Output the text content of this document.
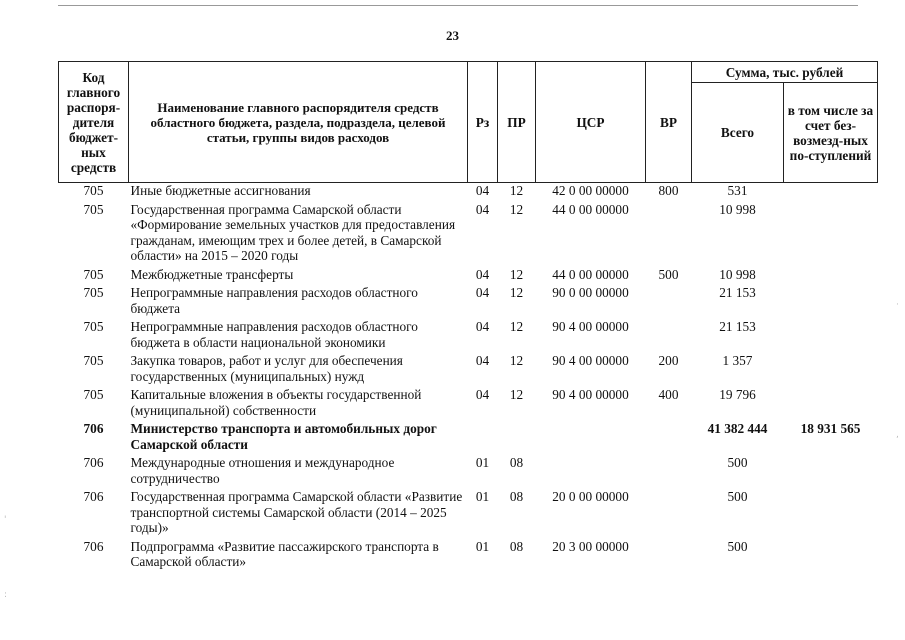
23
Код главного распоря-дителя бюджет-ных средств	Наименование главного распорядителя средств областного бюджета, раздела, подраздела, целевой статьи, группы видов расходов	Рз	ПР	ЦСР	ВР	Сумма, тыс. рублей	
						Всего	в том числе за счет без-возмезд-ных по-ступлений
705	Иные бюджетные ассигнования	04	12	42 0 00 00000	800	531	
705	Государственная программа Самарской области «Формирование земельных участков для предоставления гражданам, имеющим трех и более детей, в Самарской области» на 2015 – 2020 годы	04	12	44 0 00 00000		10 998	
705	Межбюджетные трансферты	04	12	44 0 00 00000	500	10 998	
705	Непрограммные направления расходов областного бюджета	04	12	90 0 00 00000		21 153	
705	Непрограммные направления расходов областного бюджета в области национальной экономики	04	12	90 4 00 00000		21 153	
705	Закупка товаров, работ и услуг для обеспечения государственных (муниципальных) нужд	04	12	90 4 00 00000	200	1 357	
705	Капитальные вложения в объекты государственной (муниципальной) собственности	04	12	90 4 00 00000	400	19 796	
706	Министерство транспорта и автомобильных дорог Самарской области					41 382 444	18 931 565
706	Международные отношения и международное сотрудничество	01	08			500	
706	Государственная программа Самарской области «Развитие транспортной системы Самарской области (2014 – 2025 годы)»	01	08	20 0 00 00000		500	
706	Подпрограмма «Развитие пассажирского транспорта в Самарской области»	01	08	20 3 00 00000		500	
'
:
·
,
